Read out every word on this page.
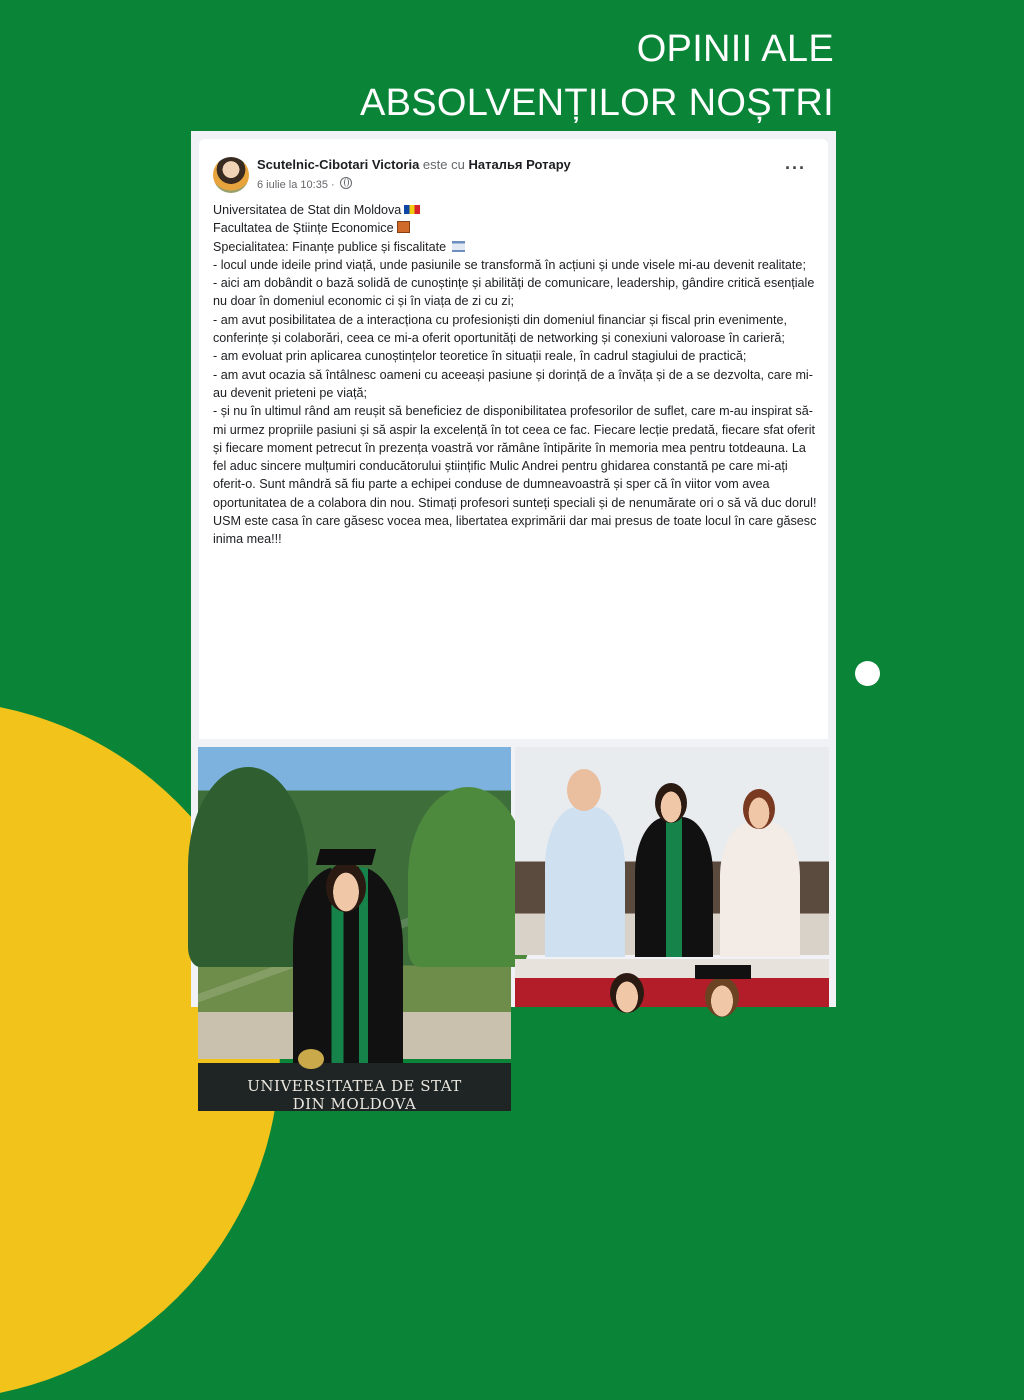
OPINII ALE
ABSOLVENȚILOR NOȘTRI
Scutelnic-Cibotari Victoria este cu Наталья Ротару
6 iulie la 10:35 ·
···

Universitatea de Stat din Moldova

Facultatea de Științe Economice

Specialitatea: Finanțe publice și fiscalitate

- locul unde ideile prind viață, unde pasiunile se transformă în acțiuni și unde visele mi-au devenit realitate;

- aici am dobândit o bază solidă de cunoștințe și abilități de comunicare, leadership, gândire critică esențiale nu doar în domeniul economic ci și în viața de zi cu zi;

- am avut posibilitatea de a interacționa cu profesioniști din domeniul financiar și fiscal prin evenimente, conferințe și colaborări, ceea ce mi-a oferit oportunități de networking și conexiuni valoroase în carieră;

- am evoluat prin aplicarea cunoștințelor teoretice în situații reale, în cadrul stagiului de practică;

- am avut ocazia să întâlnesc oameni cu aceeași pasiune și dorință de a învăța și de a se dezvolta, care mi-au devenit prieteni pe viață;

- și nu în ultimul rând am reușit să beneficiez de disponibilitatea profesorilor de suflet, care m-au inspirat să-mi urmez propriile pasiuni și să aspir la excelență în tot ceea ce fac. Fiecare lecție predată, fiecare sfat oferit și fiecare moment petrecut în prezența voastră vor rămâne întipărite în memoria mea pentru totdeauna. La fel aduc sincere mulțumiri conducătorului științific Mulic Andrei pentru ghidarea constantă pe care mi-ați oferit-o. Sunt mândră să fiu parte a echipei conduse de dumneavoastră și sper că în viitor vom avea oportunitatea de a colabora din nou. Stimați profesori sunteți speciali și de nenumărate ori o să vă duc dorul!

USM este casa în care găsesc vocea mea, libertatea exprimării dar mai presus de toate locul în care găsesc inima mea!!!

UNIVERSITATEA DE STAT
DIN MOLDOVA
